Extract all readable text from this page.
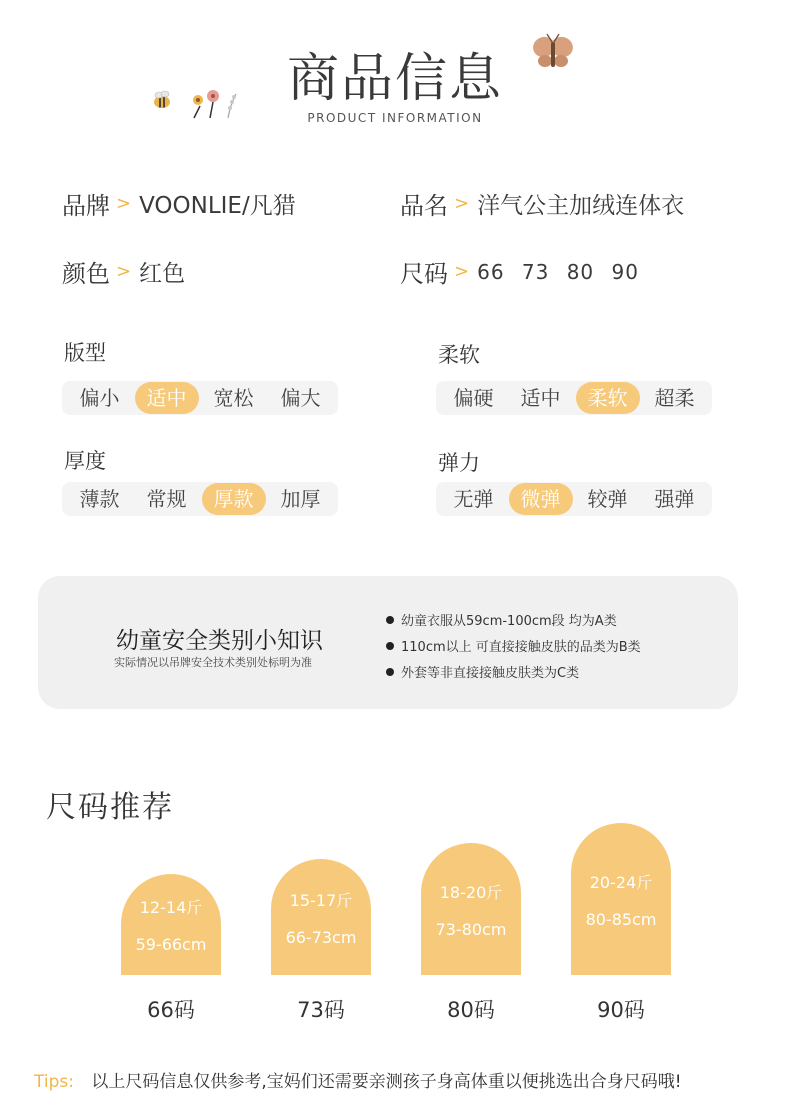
商品信息
PRODUCT INFORMATION
品牌 > VOONLIE/凡猎	品名 > 洋气公主加绒连体衣
颜色 > 红色	尺码 > 66 73 80 90
版型
偏小	适中	宽松	偏大
柔软
偏硬	适中	柔软	超柔
厚度
薄款	常规	厚款	加厚
弹力
无弹	微弹	较弹	强弹
幼童安全类别小知识
实际情况以吊牌安全技术类别处标明为准
幼童衣服从59cm-100cm段 均为A类
110cm以上 可直接接触皮肤的品类为B类
外套等非直接接触皮肤类为C类
尺码推荐
12-14斤
59-66cm
66码
15-17斤
66-73cm
73码
18-20斤
73-80cm
80码
20-24斤
80-85cm
90码
Tips: 以上尺码信息仅供参考,宝妈们还需要亲测孩子身高体重以便挑选出合身尺码哦!
